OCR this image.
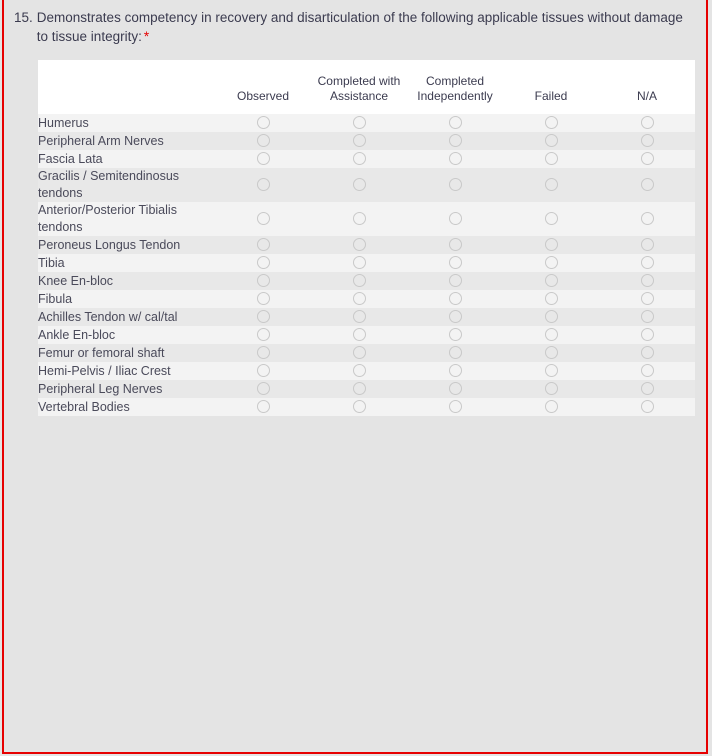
15. Demonstrates competency in recovery and disarticulation of the following applicable tissues without damage to tissue integrity: *
	Observed	Completed with Assistance	Completed Independently	Failed	N/A
Humerus					
Peripheral Arm Nerves					
Fascia Lata					
Gracilis / Semitendinosus tendons					
Anterior/Posterior Tibialis tendons					
Peroneus Longus Tendon					
Tibia					
Knee En-bloc					
Fibula					
Achilles Tendon w/ cal/tal					
Ankle En-bloc					
Femur or femoral shaft					
Hemi-Pelvis / Iliac Crest					
Peripheral Leg Nerves					
Vertebral Bodies					
